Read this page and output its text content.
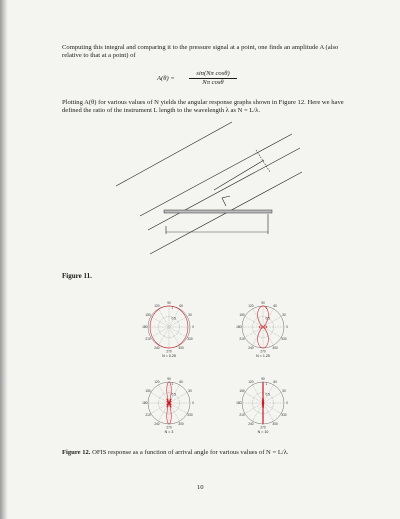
Computing this integral and comparing it to the pressure signal at a point, one finds an amplitude A (also relative to that at a point) of
$A(\theta) = \frac{\text{sin(Nπ cosθ)}}{\text{Nπ cosθ}}$
Plotting A(θ) for various values of N yields the angular response graphs shown in Figure 12. Here we have defined the ratio of the instrument L length to the wavelength λ as N = L/λ.
Figure 11.
90
120	60
150	30
180	0
210	330
240	300
270
1
0.5
N = 0.25
90
120	60
150	30
180	0
210	330
240	300
270
1
0.5
N = 1.25
90
120	60
150	30
180	0
210	330
240	300
270
1
0.5
N = 3
90
120	60
150	30
180	0
210	330
240	300
270
1
0.5
N = 10
Figure 12. OFIS response as a function of arrival angle for various values of N = L/λ.
10
